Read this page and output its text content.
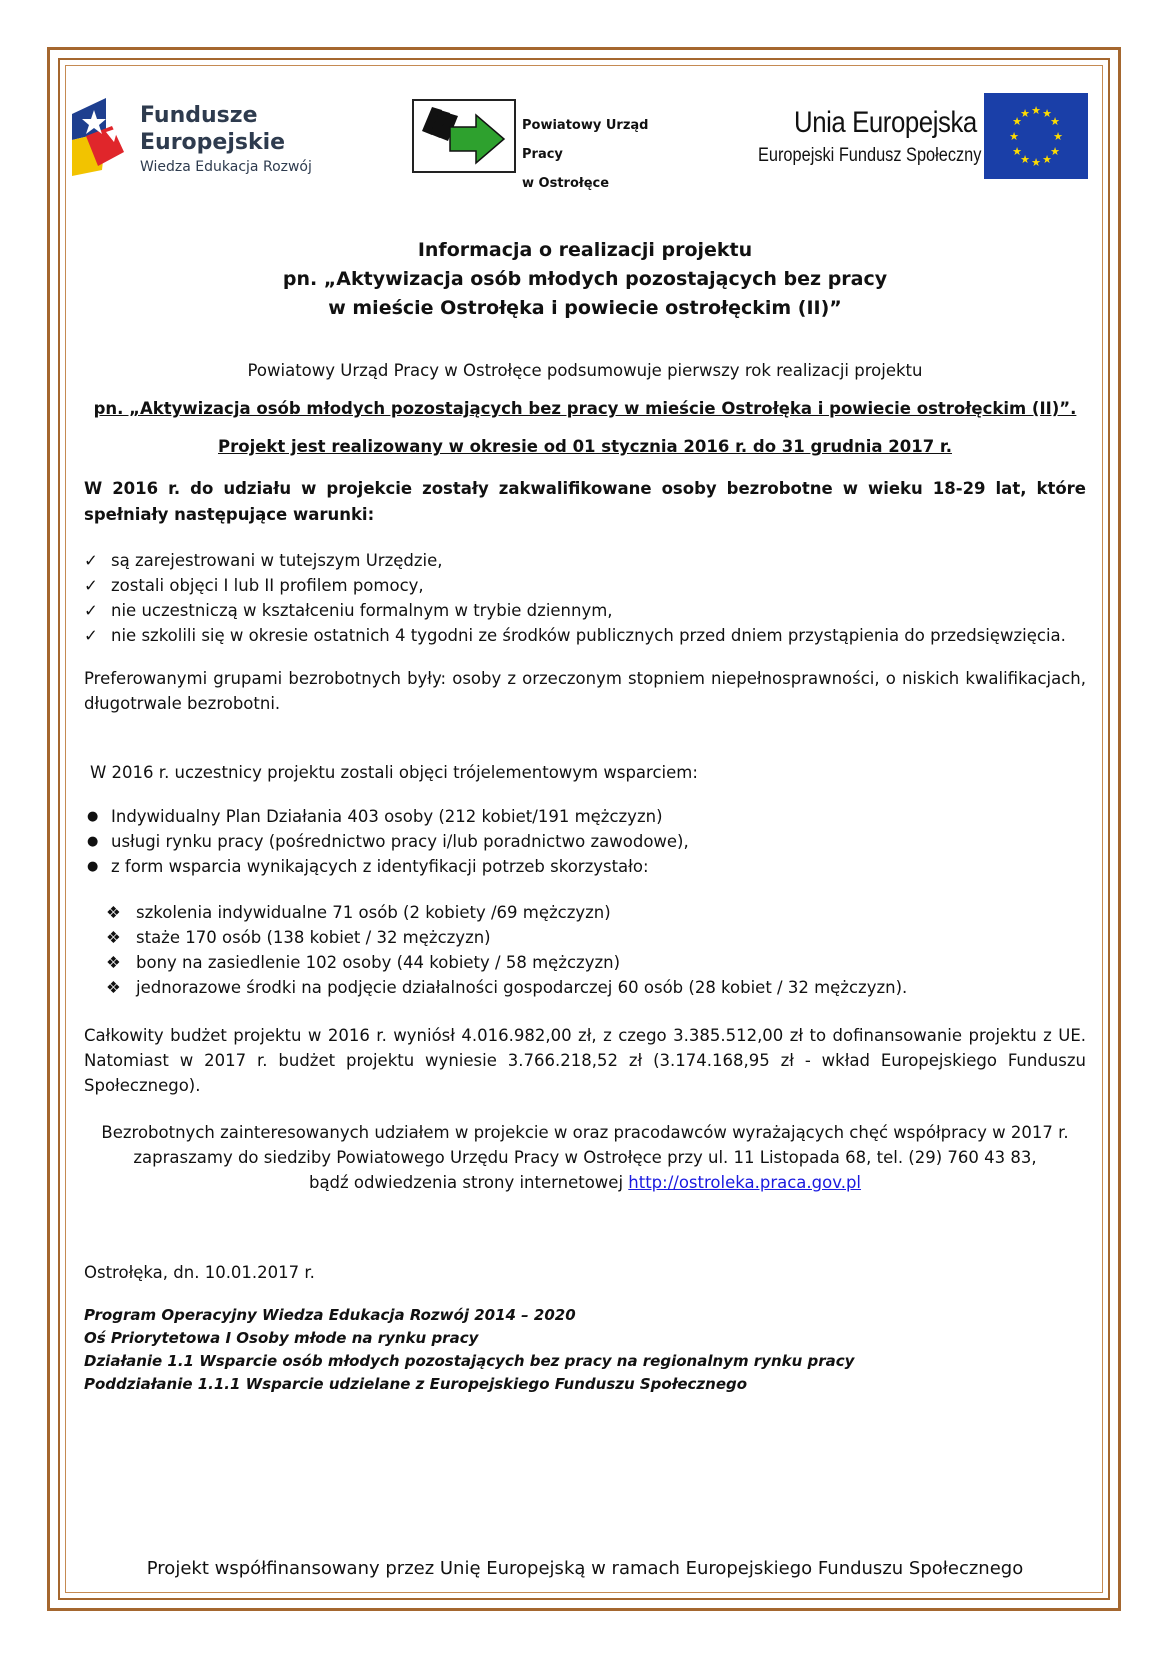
Fundusze
Europejskie
Wiedza Edukacja Rozwój
Powiatowy Urząd Pracy
w Ostrołęce
Unia Europejska
Europejski Fundusz Społeczny
★ ★
★
★
★
★
★
★
★
★
★
★
Informacja o realizacji projektu
pn. „Aktywizacja osób młodych pozostających bez pracy
w mieście Ostrołęka i powiecie ostrołęckim (II)”
Powiatowy Urząd Pracy w Ostrołęce podsumowuje pierwszy rok realizacji projektu
pn. „Aktywizacja osób młodych pozostających bez pracy w mieście Ostrołęka i powiecie ostrołęckim (II)”.
Projekt jest realizowany w okresie od 01 stycznia 2016 r. do 31 grudnia 2017 r.
W 2016 r. do udziału w projekcie zostały zakwalifikowane osoby bezrobotne w wieku 18-29 lat, które spełniały następujące warunki:
✓ są zarejestrowani w tutejszym Urzędzie,
✓ zostali objęci I lub II profilem pomocy,
✓ nie uczestniczą w kształceniu formalnym w trybie dziennym,
✓ nie szkolili się w okresie ostatnich 4 tygodni ze środków publicznych przed dniem przystąpienia do przedsięwzięcia.
Preferowanymi grupami bezrobotnych były: osoby z orzeczonym stopniem niepełnosprawności, o niskich kwalifikacjach, długotrwale bezrobotni.
W 2016 r. uczestnicy projektu zostali objęci trójelementowym wsparciem:
● Indywidualny Plan Działania 403 osoby (212 kobiet/191 mężczyzn)
● usługi rynku pracy (pośrednictwo pracy i/lub poradnictwo zawodowe),
● z form wsparcia wynikających z identyfikacji potrzeb skorzystało:
❖ szkolenia indywidualne 71 osób (2 kobiety /69 mężczyzn)
❖ staże 170 osób (138 kobiet / 32 mężczyzn)
❖ bony na zasiedlenie 102 osoby (44 kobiety / 58 mężczyzn)
❖ jednorazowe środki na podjęcie działalności gospodarczej 60 osób (28 kobiet / 32 mężczyzn).
Całkowity budżet projektu w 2016 r. wyniósł 4.016.982,00 zł, z czego 3.385.512,00 zł to dofinansowanie projektu z UE. Natomiast w 2017 r. budżet projektu wyniesie 3.766.218,52 zł (3.174.168,95 zł - wkład Europejskiego Funduszu Społecznego).
Bezrobotnych zainteresowanych udziałem w projekcie w oraz pracodawców wyrażających chęć współpracy w 2017 r.
zapraszamy do siedziby Powiatowego Urzędu Pracy w Ostrołęce przy ul. 11 Listopada 68, tel. (29) 760 43 83,
bądź odwiedzenia strony internetowej http://ostroleka.praca.gov.pl
Ostrołęka, dn. 10.01.2017 r.
Program Operacyjny Wiedza Edukacja Rozwój 2014 – 2020
Oś Priorytetowa I Osoby młode na rynku pracy
Działanie 1.1 Wsparcie osób młodych pozostających bez pracy na regionalnym rynku pracy
Poddziałanie 1.1.1 Wsparcie udzielane z Europejskiego Funduszu Społecznego
Projekt współfinansowany przez Unię Europejską w ramach Europejskiego Funduszu Społecznego
